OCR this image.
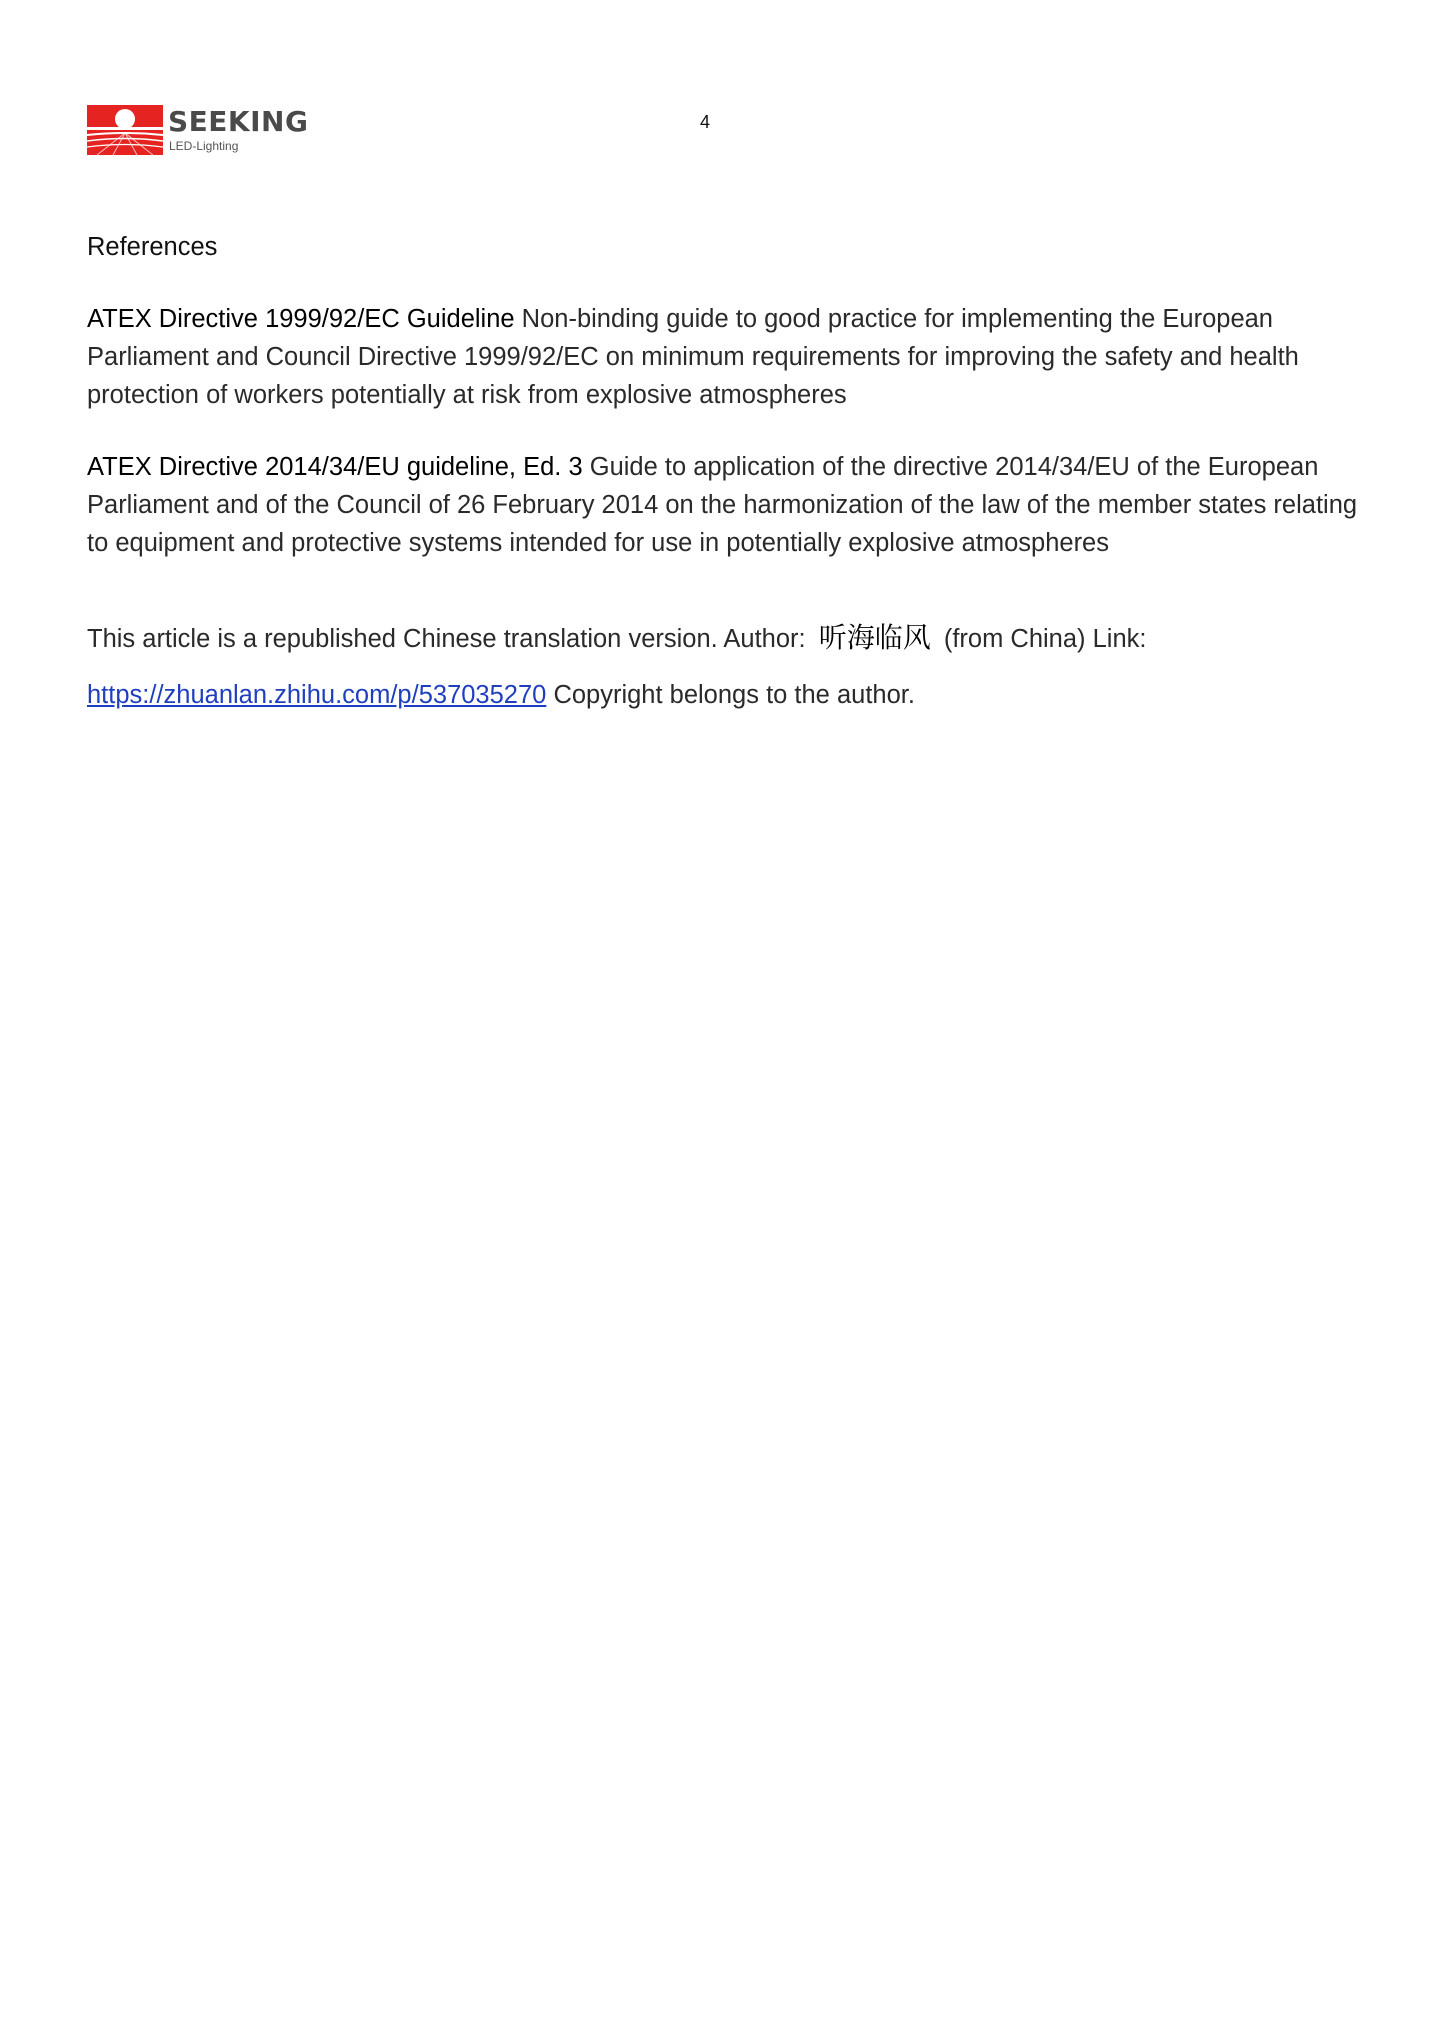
SEEKING
LED-Lighting
4
References

ATEX Directive 1999/92/EC Guideline Non-binding guide to good practice for implementing the European Parliament and Council Directive 1999/92/EC on minimum requirements for improving the safety and health protection of workers potentially at risk from explosive atmospheres

ATEX Directive 2014/34/EU guideline, Ed. 3 Guide to application of the directive 2014/34/EU of the European Parliament and of the Council of 26 February 2014 on the harmonization of the law of the member states relating to equipment and protective systems intended for use in potentially explosive atmospheres

This article is a republished Chinese translation version. Author: 听海临风 (from China) Link:
https://zhuanlan.zhihu.com/p/537035270 Copyright belongs to the author.
